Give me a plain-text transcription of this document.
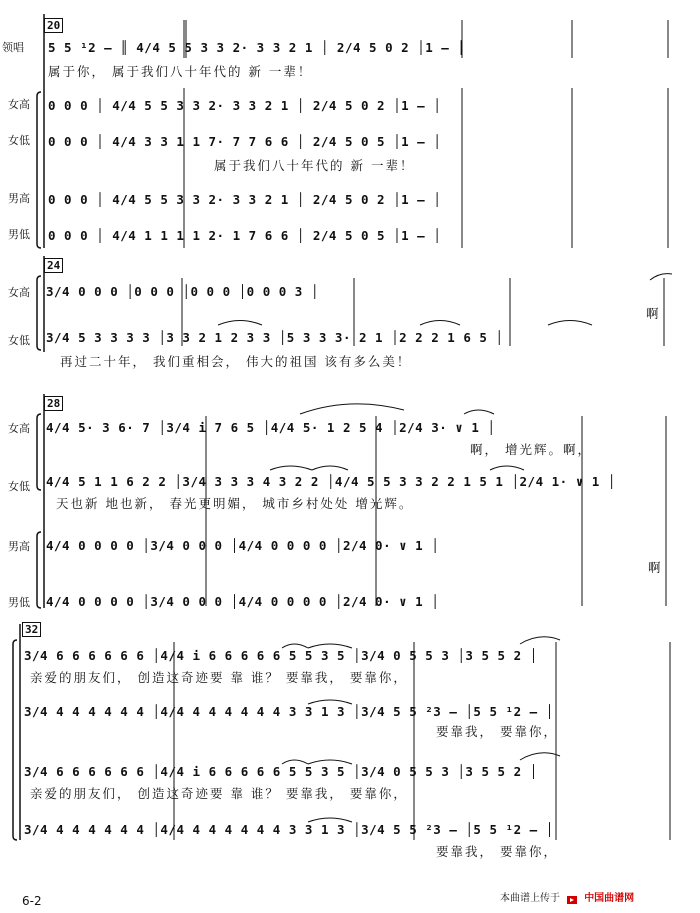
20
领唱 5 5 ¹2 – ║ 4/4 5 5 3 3 2· 3 3 2 1 │ 2/4 5 0 2 │1 – │
属于你， 属于我们八十年代的 新 一辈！
女高 0 0 0 │ 4/4 5 5 3 3 2· 3 3 2 1 │ 2/4 5 0 2 │1 – │
女低 0 0 0 │ 4/4 3 3 1 1 7· 7 7 6 6 │ 2/4 5 0 5 │1 – │
属于我们八十年代的 新 一辈！
男高 0 0 0 │ 4/4 5 5 3 3 2· 3 3 2 1 │ 2/4 5 0 2 │1 – │
男低 0 0 0 │ 4/4 1 1 1 1 2· 1 7 6 6 │ 2/4 5 0 5 │1 – │
24
女高 3/4 0 0 0 │0 0 0 │0 0 0 │0 0 0 3 │
啊
女低 3/4 5 3 3 3 3 │3 3 2 1 2 3 3 │5 3 3 3· 2 1 │2 2 2 1 6 5 │
再过二十年， 我们重相会， 伟大的祖国 该有多么美！
28
女高 4/4 5· 3 6· 7 │3/4 i 7 6 5 │4/4 5· 1 2 5 4 │2/4 3· ∨ 1 │
啊， 增光辉。啊，
女低 4/4 5 1 1 6 2 2 │3/4 3 3 3 4 3 2 2 │4/4 5 5 3 3 2 2 1 5 1 │2/4 1· ∨ 1 │
天也新 地也新， 春光更明媚， 城市乡村处处 增光辉。
男高 4/4 0 0 0 0 │3/4 0 0 0 │4/4 0 0 0 0 │2/4 0· ∨ 1 │
啊
男低 4/4 0 0 0 0 │3/4 0 0 0 │4/4 0 0 0 0 │2/4 0· ∨ 1 │
32
3/4 6 6 6 6 6 6 │4/4 i 6 6 6 6 6 5 5 3 5 │3/4 0 5 5 3 │3 5 5 2 │
亲爱的朋友们， 创造这奇迹要 靠 谁？ 要靠我， 要靠你，
3/4 4 4 4 4 4 4 │4/4 4 4 4 4 4 4 3 3 1 3 │3/4 5 5 ²3 – │5 5 ¹2 – │
要靠我， 要靠你，
3/4 6 6 6 6 6 6 │4/4 i 6 6 6 6 6 5 5 3 5 │3/4 0 5 5 3 │3 5 5 2 │
亲爱的朋友们， 创造这奇迹要 靠 谁？ 要靠我， 要靠你，
3/4 4 4 4 4 4 4 │4/4 4 4 4 4 4 4 3 3 1 3 │3/4 5 5 ²3 – │5 5 ¹2 – │
要靠我， 要靠你，
6-2	本曲谱上传于 中国曲谱网
